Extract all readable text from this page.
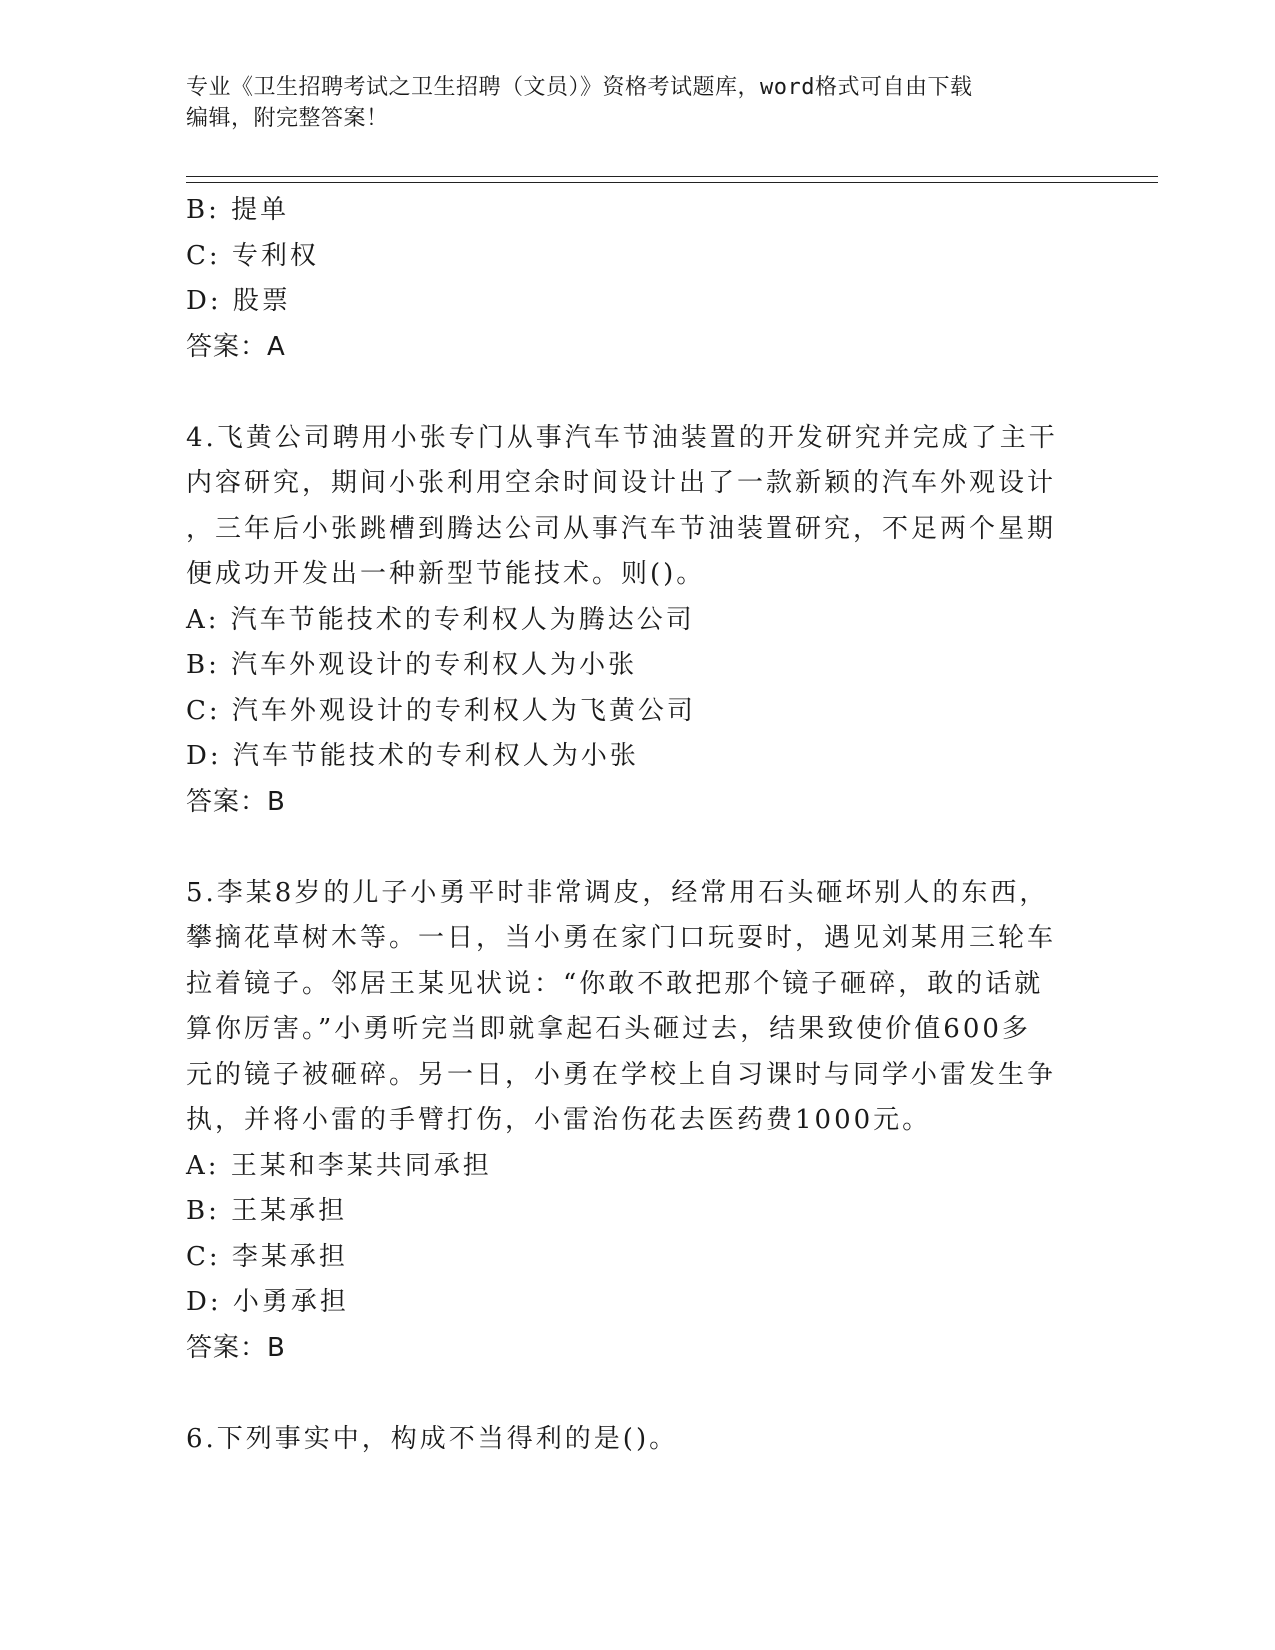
专业《卫生招聘考试之卫生招聘（文员）》资格考试题库，word格式可自由下载
编辑，附完整答案！
B: 提单
C: 专利权
D: 股票
答案：A
4.飞黄公司聘用小张专门从事汽车节油装置的开发研究并完成了主干
内容研究，期间小张利用空余时间设计出了一款新颖的汽车外观设计
，三年后小张跳槽到腾达公司从事汽车节油装置研究，不足两个星期
便成功开发出一种新型节能技术。则()。
A: 汽车节能技术的专利权人为腾达公司
B: 汽车外观设计的专利权人为小张
C: 汽车外观设计的专利权人为飞黄公司
D: 汽车节能技术的专利权人为小张
答案：B
5.李某8岁的儿子小勇平时非常调皮，经常用石头砸坏别人的东西，
攀摘花草树木等。一日，当小勇在家门口玩耍时，遇见刘某用三轮车
拉着镜子。邻居王某见状说：“你敢不敢把那个镜子砸碎，敢的话就
算你厉害。”小勇听完当即就拿起石头砸过去，结果致使价值600多
元的镜子被砸碎。另一日，小勇在学校上自习课时与同学小雷发生争
执，并将小雷的手臂打伤，小雷治伤花去医药费1000元。
A: 王某和李某共同承担
B: 王某承担
C: 李某承担
D: 小勇承担
答案：B
6.下列事实中，构成不当得利的是()。
